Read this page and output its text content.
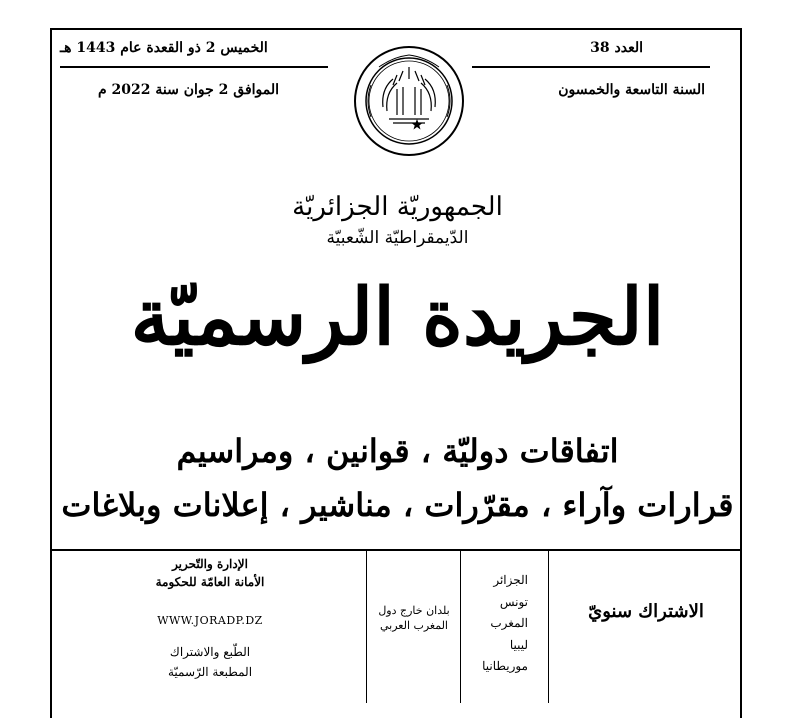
الخميس 2 ذو القعدة عام 1443 هـ
الموافق 2 جوان سنة 2022 م
العدد 38
السنة التاسعة والخمسون
الجمهوريّة الجزائريّة
الدّيمقراطيّة الشّعبيّة
الجريدة الرسميّة
اتفاقات دوليّة ، قوانين ، ومراسيم
قرارات وآراء ، مقرّرات ، مناشير ، إعلانات وبلاغات
الاشتراك سنويّ
الجزائر
تونس
المغرب
ليبيا
موريطانيا
بلدان خارج دول المغرب العربي
الإدارة والتّحرير
الأمانة العامّة للحكومة
WWW.JORADP.DZ
الطّبع والاشتراك
المطبعة الرّسميّة
